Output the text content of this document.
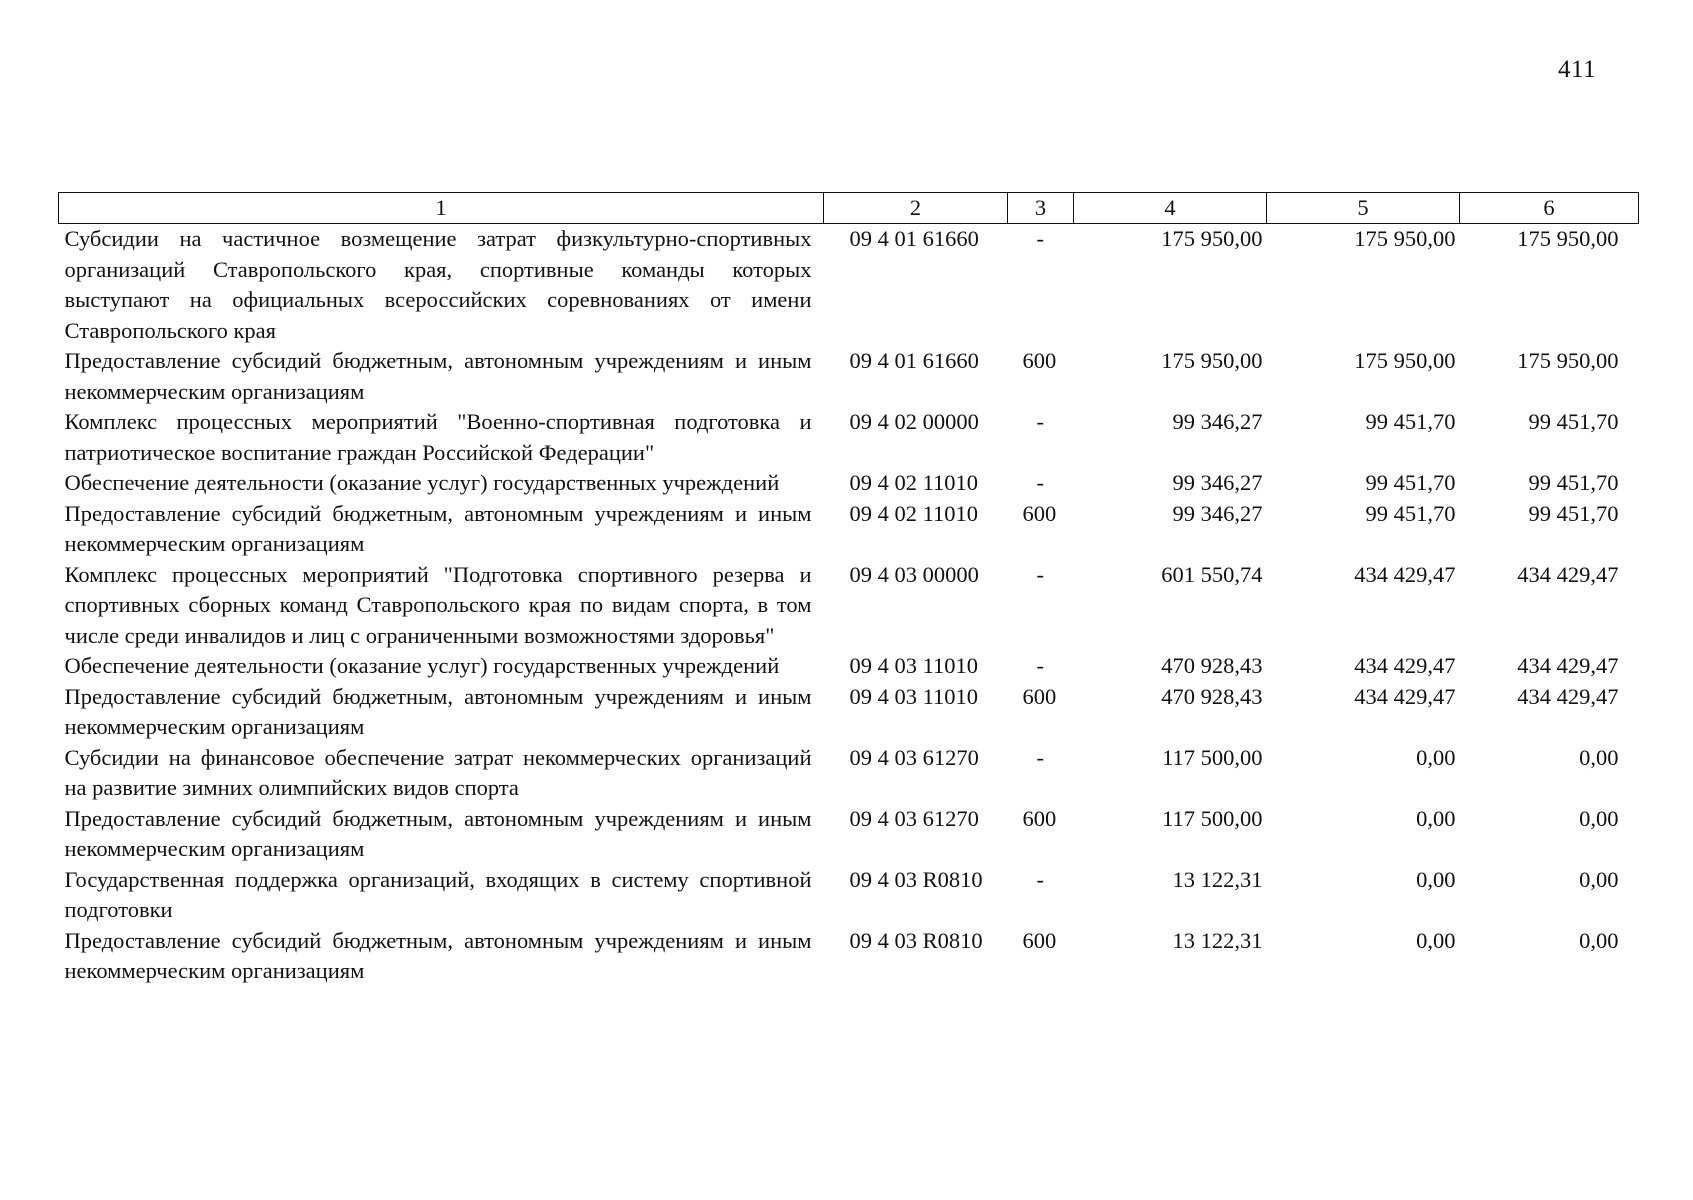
411
1	2	3	4	5	6
Субсидии на частичное возмещение затрат физкультурно-спортивных организаций Ставропольского края, спортивные команды которых выступают на официальных всероссийских соревнованиях от имени Ставропольского края	09 4 01 61660	-	175 950,00	175 950,00	175 950,00
Предоставление субсидий бюджетным, автономным учреждениям и иным некоммерческим организациям	09 4 01 61660	600	175 950,00	175 950,00	175 950,00
Комплекс процессных мероприятий "Военно-спортивная подготовка и патриотическое воспитание граждан Российской Федерации"	09 4 02 00000	-	99 346,27	99 451,70	99 451,70
Обеспечение деятельности (оказание услуг) государственных учреждений	09 4 02 11010	-	99 346,27	99 451,70	99 451,70
Предоставление субсидий бюджетным, автономным учреждениям и иным некоммерческим организациям	09 4 02 11010	600	99 346,27	99 451,70	99 451,70
Комплекс процессных мероприятий "Подготовка спортивного резерва и спортивных сборных команд Ставропольского края по видам спорта, в том числе среди инвалидов и лиц с ограниченными возможностями здоровья"	09 4 03 00000	-	601 550,74	434 429,47	434 429,47
Обеспечение деятельности (оказание услуг) государственных учреждений	09 4 03 11010	-	470 928,43	434 429,47	434 429,47
Предоставление субсидий бюджетным, автономным учреждениям и иным некоммерческим организациям	09 4 03 11010	600	470 928,43	434 429,47	434 429,47
Субсидии на финансовое обеспечение затрат некоммерческих организаций на развитие зимних олимпийских видов спорта	09 4 03 61270	-	117 500,00	0,00	0,00
Предоставление субсидий бюджетным, автономным учреждениям и иным некоммерческим организациям	09 4 03 61270	600	117 500,00	0,00	0,00
Государственная поддержка организаций, входящих в систему спортивной подготовки	09 4 03 R0810	-	13 122,31	0,00	0,00
Предоставление субсидий бюджетным, автономным учреждениям и иным некоммерческим организациям	09 4 03 R0810	600	13 122,31	0,00	0,00
